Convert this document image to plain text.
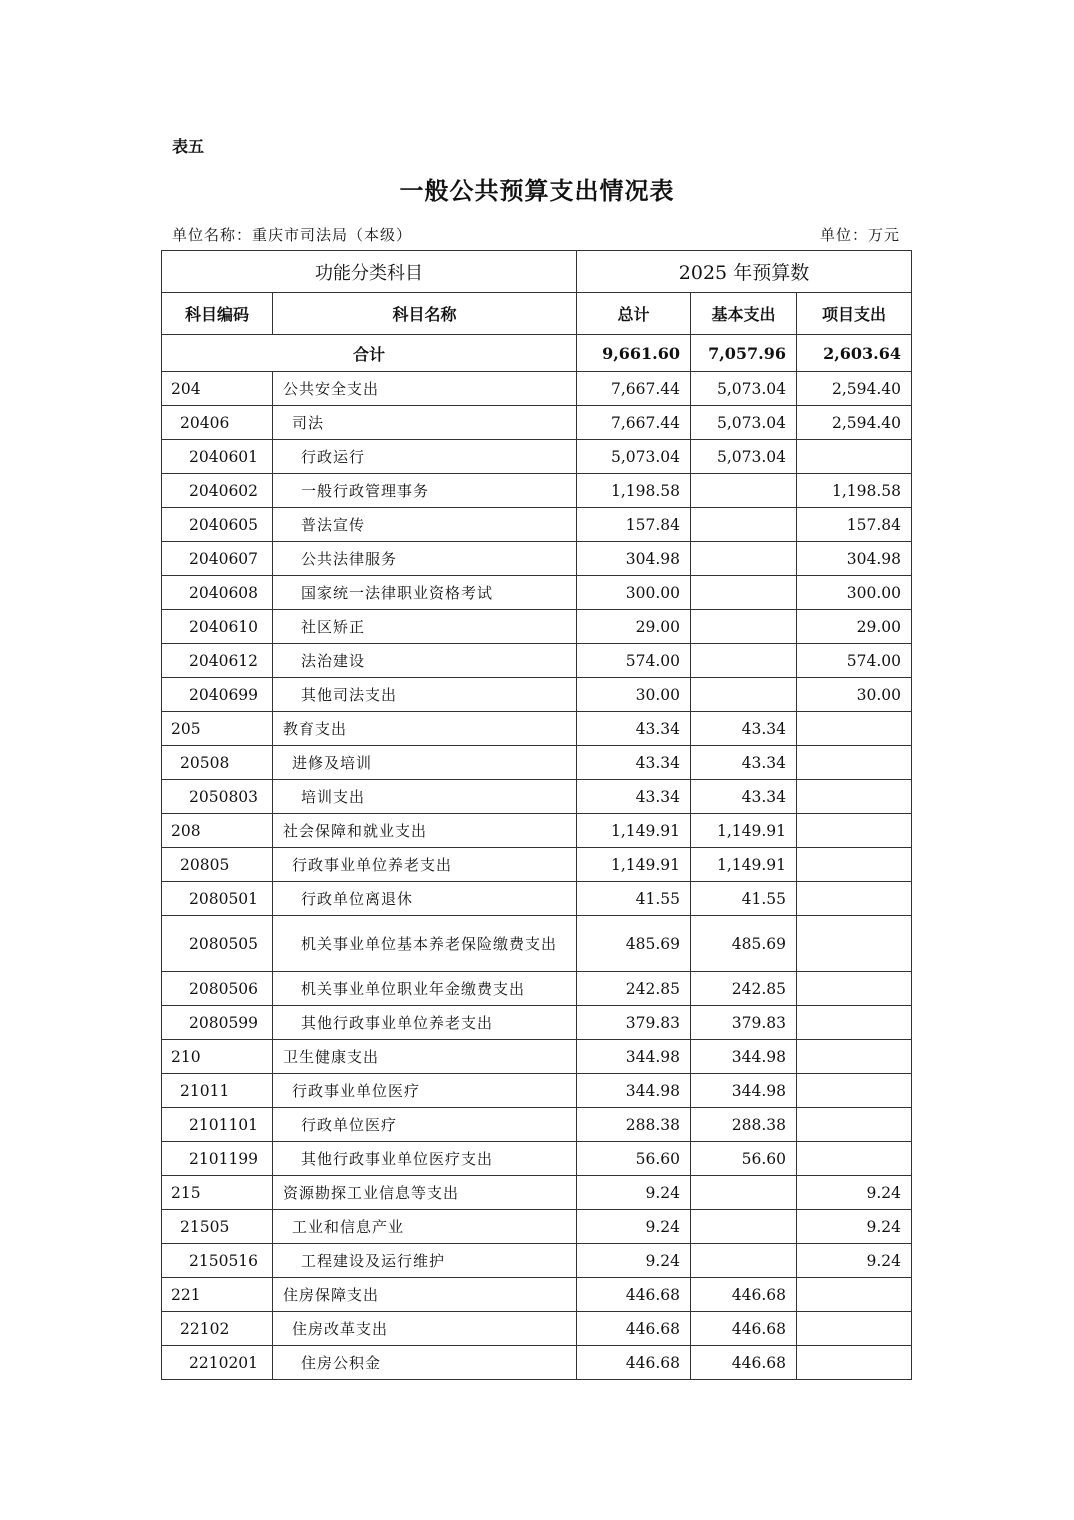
表五
一般公共预算支出情况表
单位名称：重庆市司法局（本级）	单位：万元
功能分类科目		2025 年预算数		
科目编码	科目名称	总计	基本支出	项目支出
合计		9,661.60	7,057.96	2,603.64
204	公共安全支出	7,667.44	5,073.04	2,594.40
20406	司法	7,667.44	5,073.04	2,594.40
2040601	行政运行	5,073.04	5,073.04	
2040602	一般行政管理事务	1,198.58		1,198.58
2040605	普法宣传	157.84		157.84
2040607	公共法律服务	304.98		304.98
2040608	国家统一法律职业资格考试	300.00		300.00
2040610	社区矫正	29.00		29.00
2040612	法治建设	574.00		574.00
2040699	其他司法支出	30.00		30.00
205	教育支出	43.34	43.34	
20508	进修及培训	43.34	43.34	
2050803	培训支出	43.34	43.34	
208	社会保障和就业支出	1,149.91	1,149.91	
20805	行政事业单位养老支出	1,149.91	1,149.91	
2080501	行政单位离退休	41.55	41.55	
2080505	机关事业单位基本养老保险缴费支出	485.69	485.69	
2080506	机关事业单位职业年金缴费支出	242.85	242.85	
2080599	其他行政事业单位养老支出	379.83	379.83	
210	卫生健康支出	344.98	344.98	
21011	行政事业单位医疗	344.98	344.98	
2101101	行政单位医疗	288.38	288.38	
2101199	其他行政事业单位医疗支出	56.60	56.60	
215	资源勘探工业信息等支出	9.24		9.24
21505	工业和信息产业	9.24		9.24
2150516	工程建设及运行维护	9.24		9.24
221	住房保障支出	446.68	446.68	
22102	住房改革支出	446.68	446.68	
2210201	住房公积金	446.68	446.68	
